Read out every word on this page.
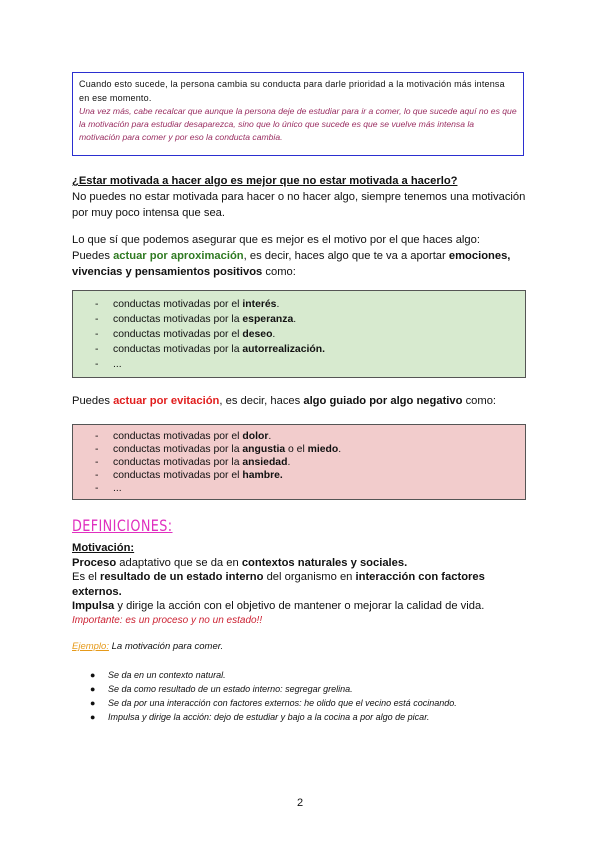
Cuando esto sucede, la persona cambia su conducta para darle prioridad a la motivación más intensa en ese momento.

Una vez más, cabe recalcar que aunque la persona deje de estudiar para ir a comer, lo que sucede aquí no es que la motivación para estudiar desaparezca, sino que lo único que sucede es que se vuelve más intensa la motivación para comer y por eso la conducta cambia.

¿Estar motivada a hacer algo es mejor que no estar motivada a hacerlo?

No puedes no estar motivada para hacer o no hacer algo, siempre tenemos una motivación por muy poco intensa que sea.

Lo que sí que podemos asegurar que es mejor es el motivo por el que haces algo:

Puedes actuar por aproximación, es decir, haces algo que te va a aportar emociones, vivencias y pensamientos positivos como:

- conductas motivadas por el interés.
- conductas motivadas por la esperanza.
- conductas motivadas por el deseo.
- conductas motivadas por la autorrealización.
- ...

Puedes actuar por evitación, es decir, haces algo guiado por algo negativo como:

- conductas motivadas por el dolor.
- conductas motivadas por la angustia o el miedo.
- conductas motivadas por la ansiedad.
- conductas motivadas por el hambre.
- ...
DEFINICIONES:

Motivación:

Proceso adaptativo que se da en contextos naturales y sociales.

Es el resultado de un estado interno del organismo en interacción con factores externos.

Impulsa y dirige la acción con el objetivo de mantener o mejorar la calidad de vida.

Importante: es un proceso y no un estado!!

Ejemplo: La motivación para comer.
● Se da en un contexto natural.
● Se da como resultado de un estado interno: segregar grelina.
● Se da por una interacción con factores externos: he olido que el vecino está cocinando.
● Impulsa y dirige la acción: dejo de estudiar y bajo a la cocina a por algo de picar.
2
